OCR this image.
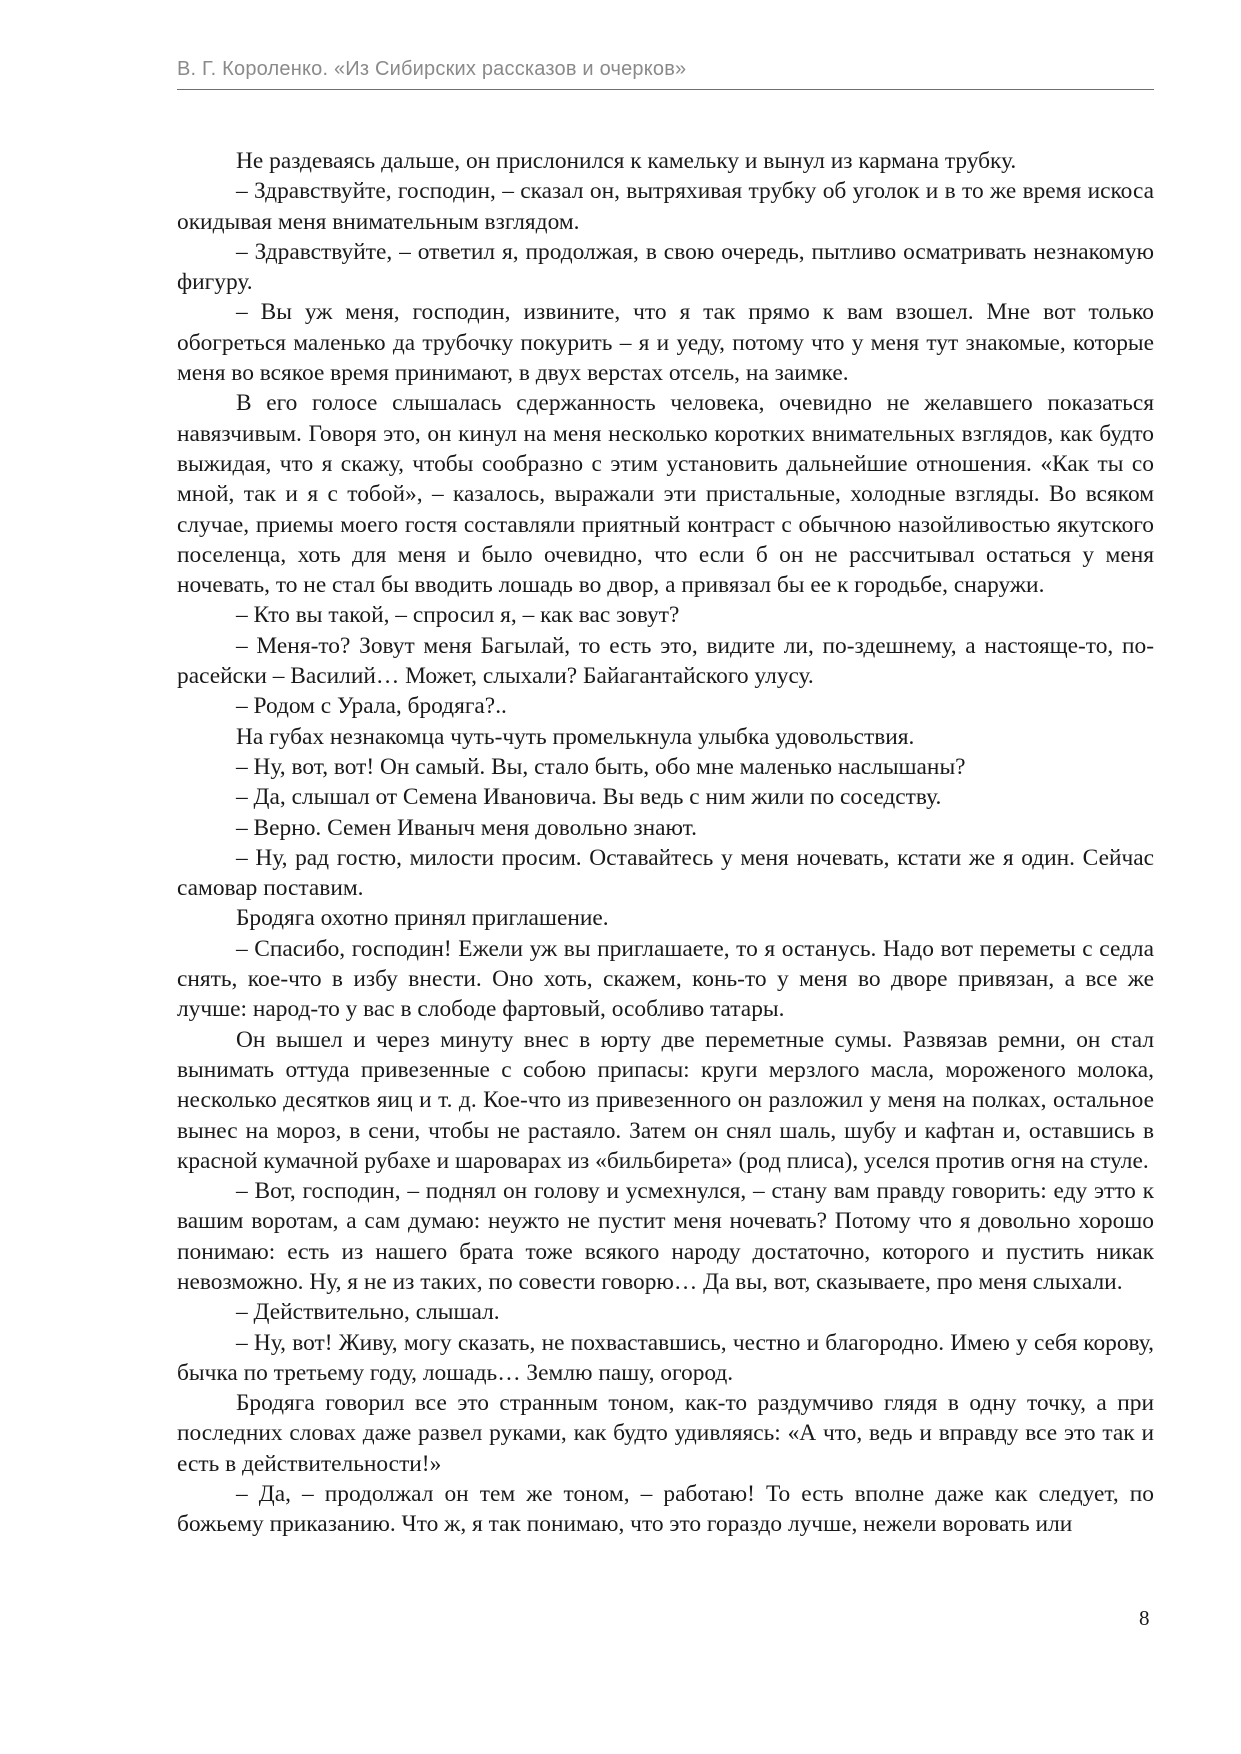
В. Г. Короленко. «Из Сибирских рассказов и очерков»

Не раздеваясь дальше, он прислонился к камельку и вынул из кармана трубку.

– Здравствуйте, господин, – сказал он, вытряхивая трубку об уголок и в то же время искоса окидывая меня внимательным взглядом.

– Здравствуйте, – ответил я, продолжая, в свою очередь, пытливо осматривать незнакомую фигуру.

– Вы уж меня, господин, извините, что я так прямо к вам взошел. Мне вот только обогреться маленько да трубочку покурить – я и уеду, потому что у меня тут знакомые, которые меня во всякое время принимают, в двух верстах отсель, на заимке.

В его голосе слышалась сдержанность человека, очевидно не желавшего показаться навязчивым. Говоря это, он кинул на меня несколько коротких внимательных взглядов, как будто выжидая, что я скажу, чтобы сообразно с этим установить дальнейшие отношения. «Как ты со мной, так и я с тобой», – казалось, выражали эти пристальные, холодные взгляды. Во всяком случае, приемы моего гостя составляли приятный контраст с обычною назойливостью якутского поселенца, хоть для меня и было очевидно, что если б он не рассчитывал остаться у меня ночевать, то не стал бы вводить лошадь во двор, а привязал бы ее к городьбе, снаружи.

– Кто вы такой, – спросил я, – как вас зовут?

– Меня-то? Зовут меня Багылай, то есть это, видите ли, по-здешнему, а настояще-то, по-расейски – Василий… Может, слыхали? Байагантайского улусу.

– Родом с Урала, бродяга?..

На губах незнакомца чуть-чуть промелькнула улыбка удовольствия.

– Ну, вот, вот! Он самый. Вы, стало быть, обо мне маленько наслышаны?

– Да, слышал от Семена Ивановича. Вы ведь с ним жили по соседству.

– Верно. Семен Иваныч меня довольно знают.

– Ну, рад гостю, милости просим. Оставайтесь у меня ночевать, кстати же я один. Сейчас самовар поставим.

Бродяга охотно принял приглашение.

– Спасибо, господин! Ежели уж вы приглашаете, то я останусь. Надо вот переметы с седла снять, кое-что в избу внести. Оно хоть, скажем, конь-то у меня во дворе привязан, а все же лучше: народ-то у вас в слободе фартовый, особливо татары.

Он вышел и через минуту внес в юрту две переметные сумы. Развязав ремни, он стал вынимать оттуда привезенные с собою припасы: круги мерзлого масла, мороженого молока, несколько десятков яиц и т. д. Кое-что из привезенного он разложил у меня на полках, остальное вынес на мороз, в сени, чтобы не растаяло. Затем он снял шаль, шубу и кафтан и, оставшись в красной кумачной рубахе и шароварах из «бильбирета» (род плиса), уселся против огня на стуле.

– Вот, господин, – поднял он голову и усмехнулся, – стану вам правду говорить: еду этто к вашим воротам, а сам думаю: неужто не пустит меня ночевать? Потому что я довольно хорошо понимаю: есть из нашего брата тоже всякого народу достаточно, которого и пустить никак невозможно. Ну, я не из таких, по совести говорю… Да вы, вот, сказываете, про меня слыхали.

– Действительно, слышал.

– Ну, вот! Живу, могу сказать, не похвастaвшись, честно и благородно. Имею у себя корову, бычка по третьему году, лошадь… Землю пашу, огород.

Бродяга говорил все это странным тоном, как-то раздумчиво глядя в одну точку, а при последних словах даже развел руками, как будто удивляясь: «А что, ведь и вправду все это так и есть в действительности!»

– Да, – продолжал он тем же тоном, – работаю! То есть вполне даже как следует, по божьему приказанию. Что ж, я так понимаю, что это гораздо лучше, нежели воровать или

8
